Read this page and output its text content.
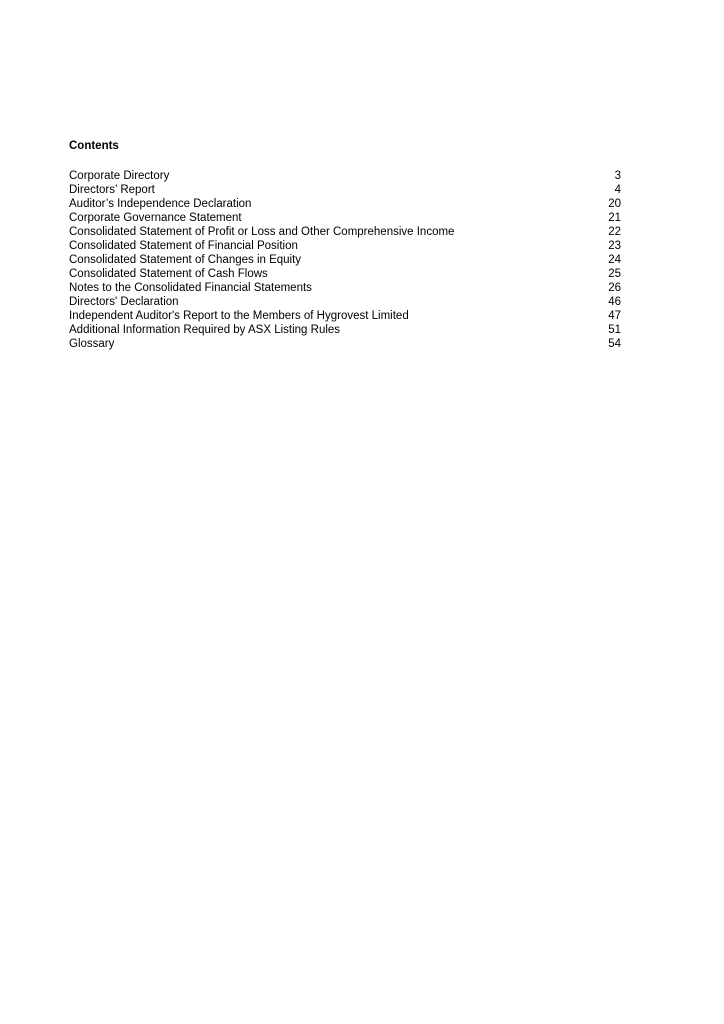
Contents
Corporate Directory	3
Directors’ Report	4
Auditor’s Independence Declaration	20
Corporate Governance Statement	21
Consolidated Statement of Profit or Loss and Other Comprehensive Income	22
Consolidated Statement of Financial Position	23
Consolidated Statement of Changes in Equity	24
Consolidated Statement of Cash Flows	25
Notes to the Consolidated Financial Statements	26
Directors' Declaration	46
Independent Auditor's Report to the Members of Hygrovest Limited	47
Additional Information Required by ASX Listing Rules	51
Glossary	54
